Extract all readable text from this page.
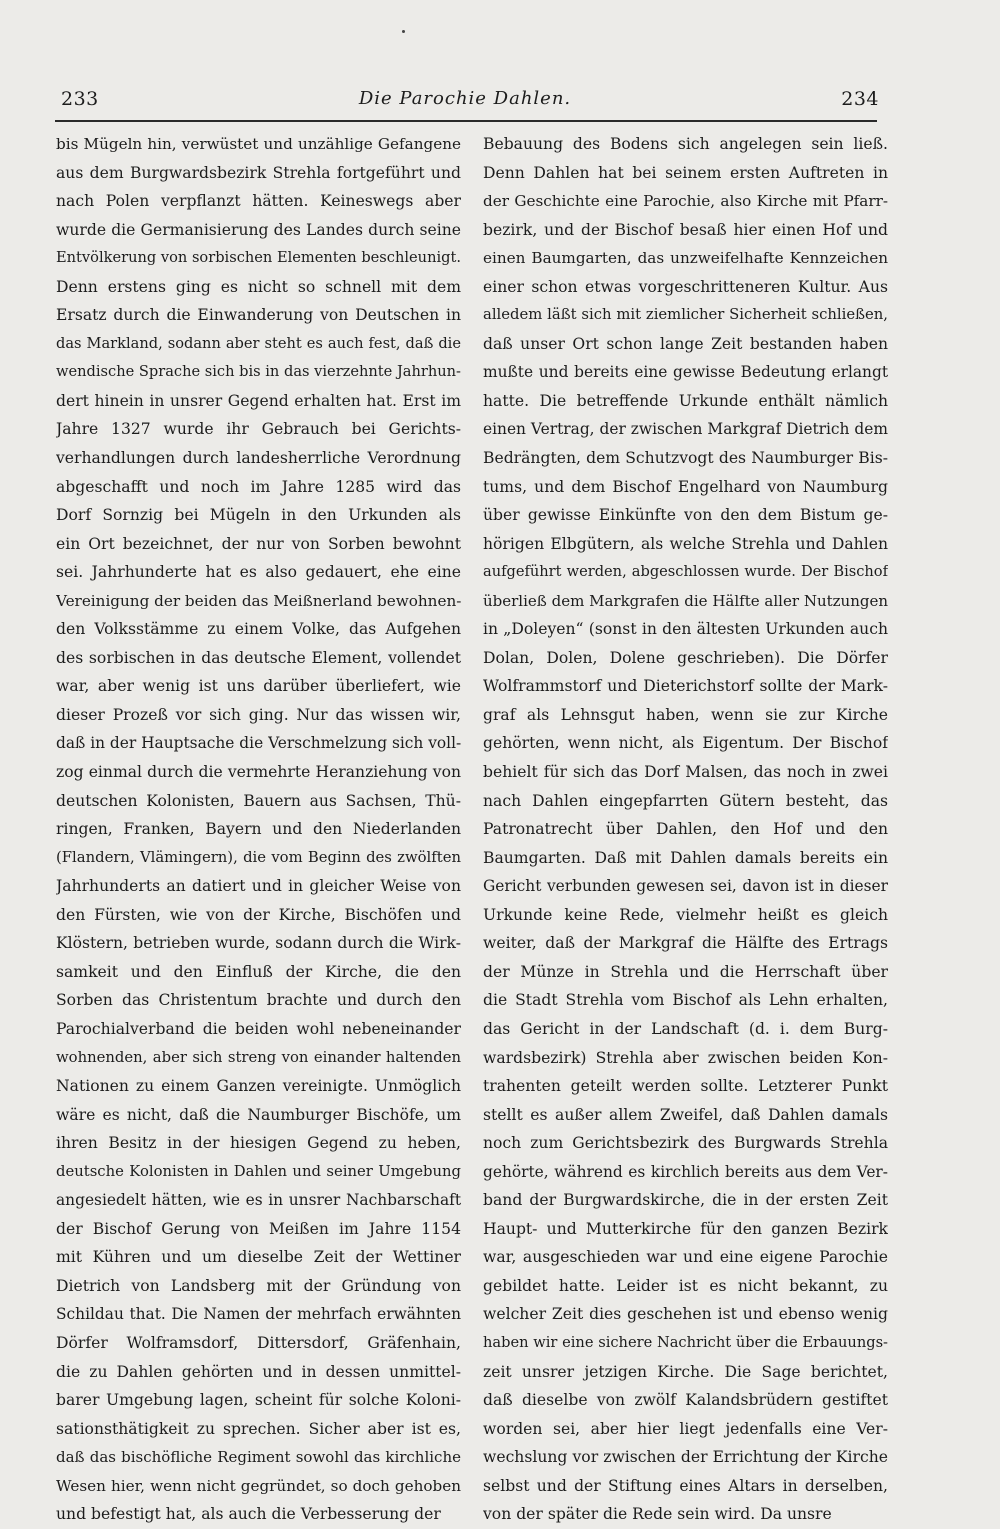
233	Die Parochie Dahlen.	234
bis Mügeln hin, verwüstet und unzählige Gefangene
aus dem Burgwardsbezirk Strehla fortgeführt und
nach Polen verpflanzt hätten. Keineswegs aber
wurde die Germanisierung des Landes durch seine
Entvölkerung von sorbischen Elementen beschleunigt.
Denn erstens ging es nicht so schnell mit dem
Ersatz durch die Einwanderung von Deutschen in
das Markland, sodann aber steht es auch fest, daß die
wendische Sprache sich bis in das vierzehnte Jahrhun-
dert hinein in unsrer Gegend erhalten hat. Erst im
Jahre 1327 wurde ihr Gebrauch bei Gerichts-
verhandlungen durch landesherrliche Verordnung
abgeschafft und noch im Jahre 1285 wird das
Dorf Sornzig bei Mügeln in den Urkunden als
ein Ort bezeichnet, der nur von Sorben bewohnt
sei. Jahrhunderte hat es also gedauert, ehe eine
Vereinigung der beiden das Meißnerland bewohnen-
den Volksstämme zu einem Volke, das Aufgehen
des sorbischen in das deutsche Element, vollendet
war, aber wenig ist uns darüber überliefert, wie
dieser Prozeß vor sich ging. Nur das wissen wir,
daß in der Hauptsache die Verschmelzung sich voll-
zog einmal durch die vermehrte Heranziehung von
deutschen Kolonisten, Bauern aus Sachsen, Thü-
ringen, Franken, Bayern und den Niederlanden
(Flandern, Vlämingern), die vom Beginn des zwölften
Jahrhunderts an datiert und in gleicher Weise von
den Fürsten, wie von der Kirche, Bischöfen und
Klöstern, betrieben wurde, sodann durch die Wirk-
samkeit und den Einfluß der Kirche, die den
Sorben das Christentum brachte und durch den
Parochialverband die beiden wohl nebeneinander
wohnenden, aber sich streng von einander haltenden
Nationen zu einem Ganzen vereinigte. Unmöglich
wäre es nicht, daß die Naumburger Bischöfe, um
ihren Besitz in der hiesigen Gegend zu heben,
deutsche Kolonisten in Dahlen und seiner Umgebung
angesiedelt hätten, wie es in unsrer Nachbarschaft
der Bischof Gerung von Meißen im Jahre 1154
mit Kühren und um dieselbe Zeit der Wettiner
Dietrich von Landsberg mit der Gründung von
Schildau that. Die Namen der mehrfach erwähnten
Dörfer Wolframsdorf, Dittersdorf, Gräfenhain,
die zu Dahlen gehörten und in dessen unmittel-
barer Umgebung lagen, scheint für solche Koloni-
sationsthätigkeit zu sprechen. Sicher aber ist es,
daß das bischöfliche Regiment sowohl das kirchliche
Wesen hier, wenn nicht gegründet, so doch gehoben
und befestigt hat, als auch die Verbesserung der
Bebauung des Bodens sich angelegen sein ließ.
Denn Dahlen hat bei seinem ersten Auftreten in
der Geschichte eine Parochie, also Kirche mit Pfarr-
bezirk, und der Bischof besaß hier einen Hof und
einen Baumgarten, das unzweifelhafte Kennzeichen
einer schon etwas vorgeschritteneren Kultur. Aus
alledem läßt sich mit ziemlicher Sicherheit schließen,
daß unser Ort schon lange Zeit bestanden haben
mußte und bereits eine gewisse Bedeutung erlangt
hatte. Die betreffende Urkunde enthält nämlich
einen Vertrag, der zwischen Markgraf Dietrich dem
Bedrängten, dem Schutzvogt des Naumburger Bis-
tums, und dem Bischof Engelhard von Naumburg
über gewisse Einkünfte von den dem Bistum ge-
hörigen Elbgütern, als welche Strehla und Dahlen
aufgeführt werden, abgeschlossen wurde. Der Bischof
überließ dem Markgrafen die Hälfte aller Nutzungen
in „Doleyen“ (sonst in den ältesten Urkunden auch
Dolan, Dolen, Dolene geschrieben). Die Dörfer
Wolframmstorf und Dieterichstorf sollte der Mark-
graf als Lehnsgut haben, wenn sie zur Kirche
gehörten, wenn nicht, als Eigentum. Der Bischof
behielt für sich das Dorf Malsen, das noch in zwei
nach Dahlen eingepfarrten Gütern besteht, das
Patronatrecht über Dahlen, den Hof und den
Baumgarten. Daß mit Dahlen damals bereits ein
Gericht verbunden gewesen sei, davon ist in dieser
Urkunde keine Rede, vielmehr heißt es gleich
weiter, daß der Markgraf die Hälfte des Ertrags
der Münze in Strehla und die Herrschaft über
die Stadt Strehla vom Bischof als Lehn erhalten,
das Gericht in der Landschaft (d. i. dem Burg-
wardsbezirk) Strehla aber zwischen beiden Kon-
trahenten geteilt werden sollte. Letzterer Punkt
stellt es außer allem Zweifel, daß Dahlen damals
noch zum Gerichtsbezirk des Burgwards Strehla
gehörte, während es kirchlich bereits aus dem Ver-
band der Burgwardskirche, die in der ersten Zeit
Haupt- und Mutterkirche für den ganzen Bezirk
war, ausgeschieden war und eine eigene Parochie
gebildet hatte. Leider ist es nicht bekannt, zu
welcher Zeit dies geschehen ist und ebenso wenig
haben wir eine sichere Nachricht über die Erbauungs-
zeit unsrer jetzigen Kirche. Die Sage berichtet,
daß dieselbe von zwölf Kalandsbrüdern gestiftet
worden sei, aber hier liegt jedenfalls eine Ver-
wechslung vor zwischen der Errichtung der Kirche
selbst und der Stiftung eines Altars in derselben,
von der später die Rede sein wird. Da unsre
